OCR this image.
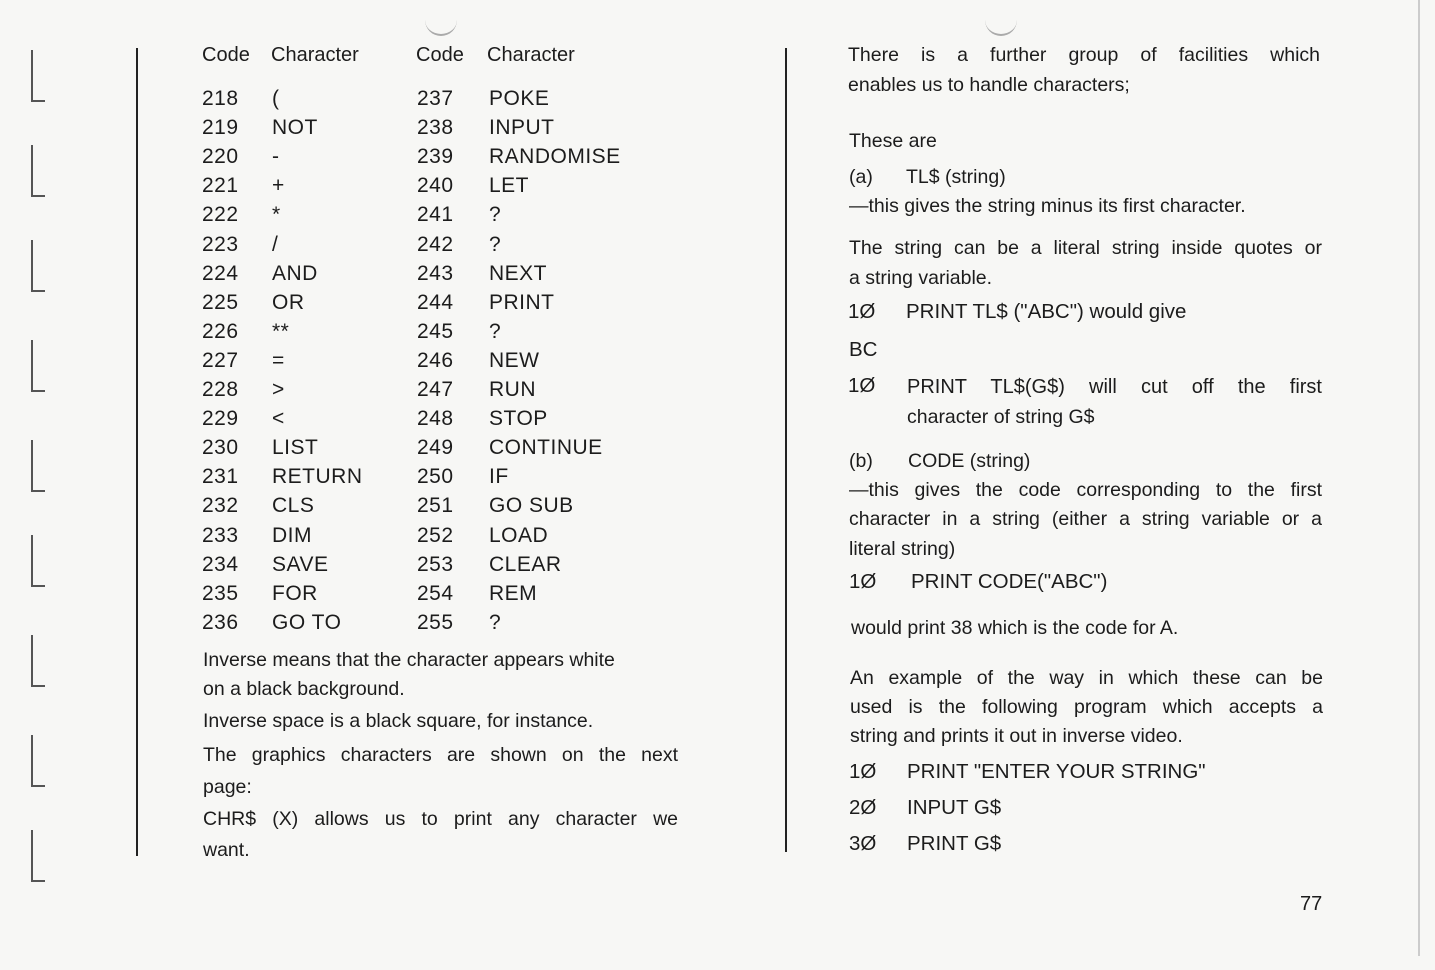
Code Character	Code Character
218 (	237 POKE
219 NOT	238 INPUT
220 -	239 RANDOMISE
221 +	240 LET
222 *	241 ?
223 /	242 ?
224 AND	243 NEXT
225 OR	244 PRINT
226 **	245 ?
227 =	246 NEW
228 >	247 RUN
229 <	248 STOP
230 LIST	249 CONTINUE
231 RETURN	250 IF
232 CLS	251 GO SUB
233 DIM	252 LOAD
234 SAVE	253 CLEAR
235 FOR	254 REM
236 GO TO	255 ?
Inverse means that the character appears white
on a black background.
Inverse space is a black square, for instance.
The graphics characters are shown on the next
page:
CHR$ (X) allows us to print any character we
want.
There is a further group of facilities which
enables us to handle characters;
These are
(a) TL$ (string)
—this gives the string minus its first character.
The string can be a literal string inside quotes or
a string variable.
1Ø PRINT TL$ ("ABC") would give
BC
1Ø	PRINT TL$(G$) will cut off the first
character of string G$
(b) CODE (string)
—this gives the code corresponding to the first
character in a string (either a string variable or a
literal string)
1Ø PRINT CODE("ABC")
would print 38 which is the code for A.
An example of the way in which these can be
used is the following program which accepts a
string and prints it out in inverse video.
1Ø PRINT "ENTER YOUR STRING"
2Ø INPUT G$
3Ø PRINT G$
77
